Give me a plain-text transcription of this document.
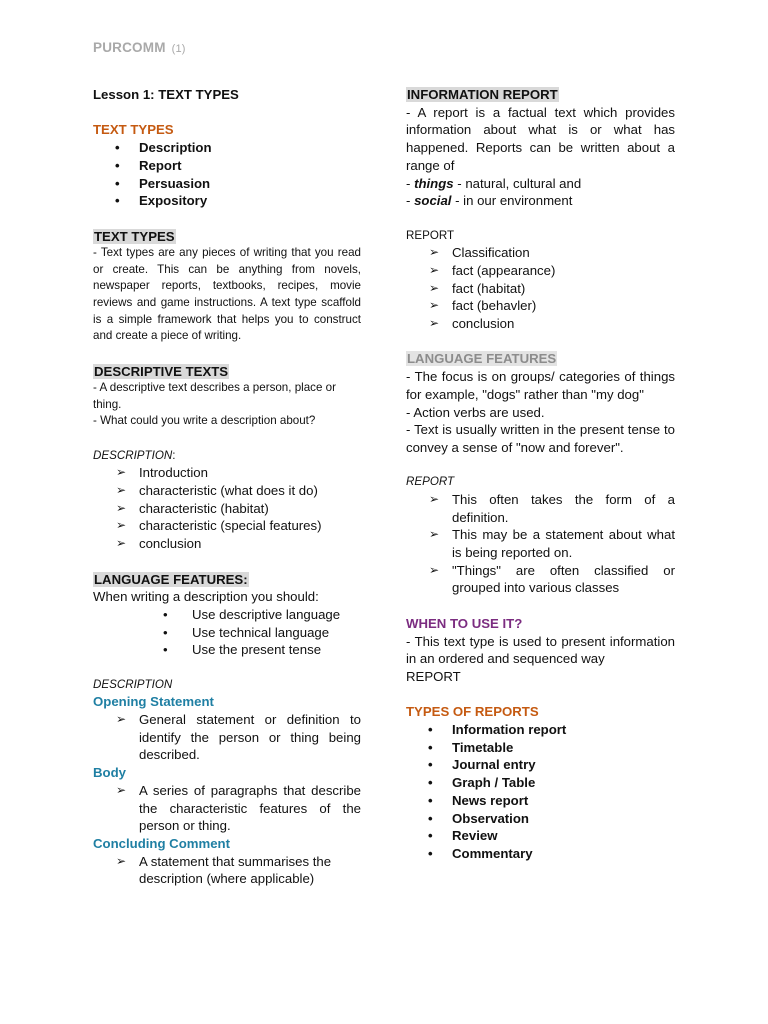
PURCOMM (1)
Lesson 1: TEXT TYPES
TEXT TYPES
• Description
• Report
• Persuasion
• Expository
TEXT TYPES
- Text types are any pieces of writing that you read or create. This can be anything from novels, newspaper reports, textbooks, recipes, movie reviews and game instructions. A text type scaffold is a simple framework that helps you to construct and create a piece of writing.
DESCRIPTIVE TEXTS
- A descriptive text describes a person, place or thing.
- What could you write a description about?
DESCRIPTION:
➢ Introduction
➢ characteristic (what does it do)
➢ characteristic (habitat)
➢ characteristic (special features)
➢ conclusion
LANGUAGE FEATURES:
When writing a description you should:
• Use descriptive language
• Use technical language
• Use the present tense
DESCRIPTION
Opening Statement
➢ General statement or definition to identify the person or thing being described.
Body
➢ A series of paragraphs that describe the characteristic features of the person or thing.
Concluding Comment
➢ A statement that summarises the description (where applicable)
INFORMATION REPORT
- A report is a factual text which provides information about what is or what has happened. Reports can be written about a range of
- things - natural, cultural and
- social - in our environment
REPORT
➢ Classification
➢ fact (appearance)
➢ fact (habitat)
➢ fact (behavler)
➢ conclusion
LANGUAGE FEATURES
- The focus is on groups/ categories of things for example, "dogs" rather than "my dog"
- Action verbs are used.
- Text is usually written in the present tense to convey a sense of "now and forever".
REPORT
➢ This often takes the form of a definition.
➢ This may be a statement about what is being reported on.
➢ "Things" are often classified or grouped into various classes
WHEN TO USE IT?
- This text type is used to present information in an ordered and sequenced way
REPORT
TYPES OF REPORTS
• Information report
• Timetable
• Journal entry
• Graph / Table
• News report
• Observation
• Review
• Commentary
